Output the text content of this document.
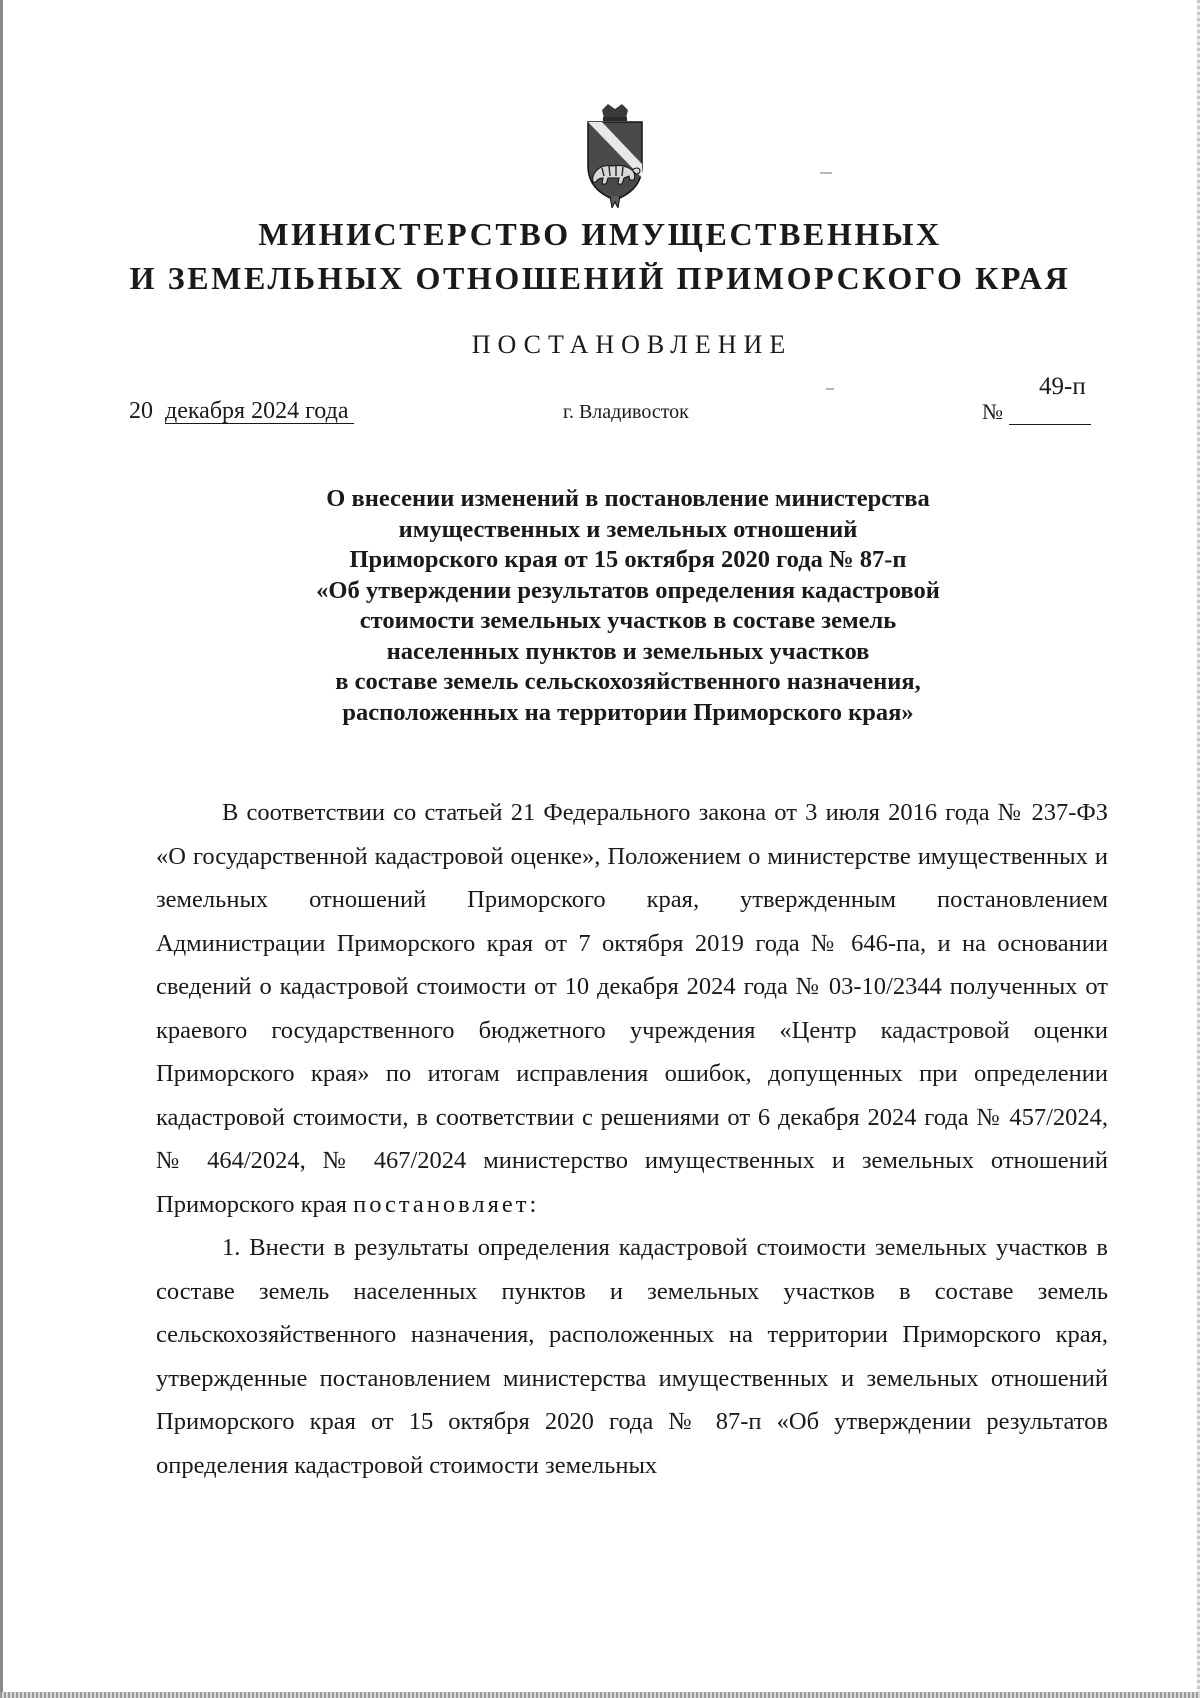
МИНИСТЕРСТВО ИМУЩЕСТВЕННЫХ
И ЗЕМЕЛЬНЫХ ОТНОШЕНИЙ ПРИМОРСКОГО КРАЯ
ПОСТАНОВЛЕНИЕ
20 декабря 2024 года	г. Владивосток	№
49-п
О внесении изменений в постановление министерства
имущественных и земельных отношений
Приморского края от 15 октября 2020 года № 87-п
«Об утверждении результатов определения кадастровой
стоимости земельных участков в составе земель
населенных пунктов и земельных участков
в составе земель сельскохозяйственного назначения,
расположенных на территории Приморского края»

В соответствии со статьей 21 Федерального закона от 3 июля 2016 года № 237-ФЗ «О государственной кадастровой оценке», Положением о министерстве имущественных и земельных отношений Приморского края, утвержденным постановлением Администрации Приморского края от 7 октября 2019 года № 646-па, и на основании сведений о кадастровой стоимости от 10 декабря 2024 года № 03-10/2344 полученных от краевого государственного бюджетного учреждения «Центр кадастровой оценки Приморского края» по итогам исправления ошибок, допущенных при определении кадастровой стоимости, в соответствии с решениями от 6 декабря 2024 года № 457/2024, № 464/2024, № 467/2024 министерство имущественных и земельных отношений Приморского края постановляет:

1. Внести в результаты определения кадастровой стоимости земельных участков в составе земель населенных пунктов и земельных участков в составе земель сельскохозяйственного назначения, расположенных на территории Приморского края, утвержденные постановлением министерства имущественных и земельных отношений Приморского края от 15 октября 2020 года № 87-п «Об утверждении результатов определения кадастровой стоимости земельных
